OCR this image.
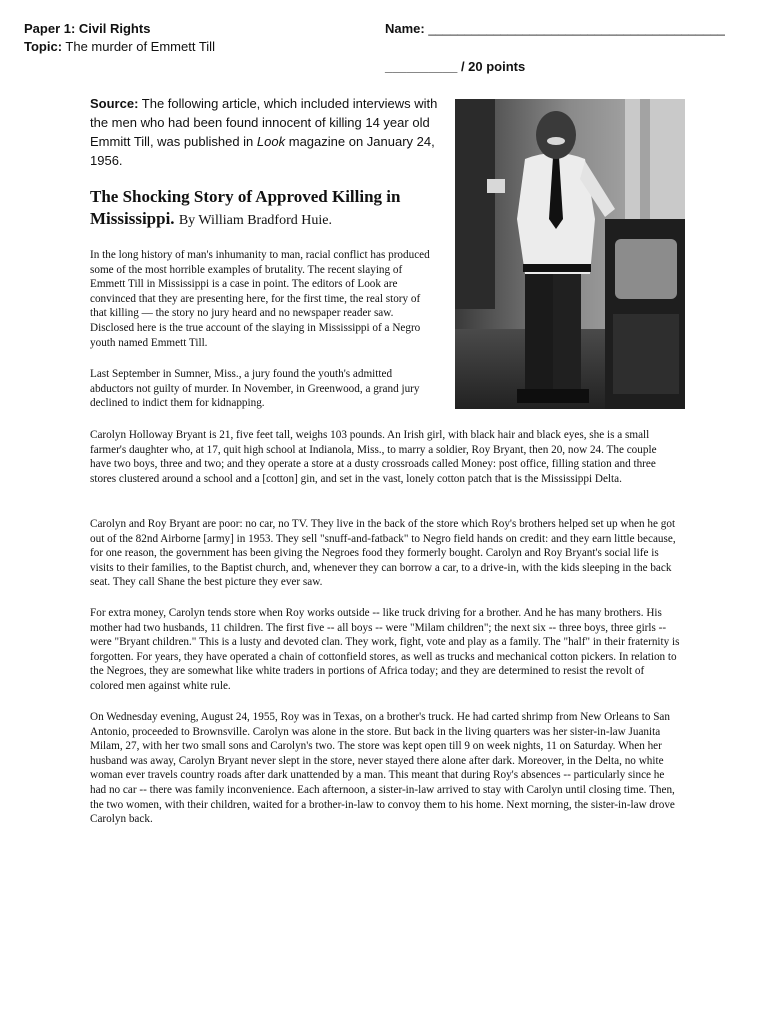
Paper 1: Civil Rights
Topic: The murder of Emmett Till
Name: _________________________________________
__________ / 20 points
Source: The following article, which included interviews with the men who had been found innocent of killing 14 year old Emmitt Till, was published in Look magazine on January 24, 1956.
The Shocking Story of Approved Killing in Mississippi. By William Bradford Huie.
In the long history of man's inhumanity to man, racial conflict has produced some of the most horrible examples of brutality. The recent slaying of Emmett Till in Mississippi is a case in point. The editors of Look are convinced that they are presenting here, for the first time, the real story of that killing — the story no jury heard and no newspaper reader saw. Disclosed here is the true account of the slaying in Mississippi of a Negro youth named Emmett Till.
Last September in Sumner, Miss., a jury found the youth's admitted abductors not guilty of murder. In November, in Greenwood, a grand jury declined to indict them for kidnapping.
Carolyn Holloway Bryant is 21, five feet tall, weighs 103 pounds. An Irish girl, with black hair and black eyes, she is a small farmer's daughter who, at 17, quit high school at Indianola, Miss., to marry a soldier, Roy Bryant, then 20, now 24. The couple have two boys, three and two; and they operate a store at a dusty crossroads called Money: post office, filling station and three stores clustered around a school and a [cotton] gin, and set in the vast, lonely cotton patch that is the Mississippi Delta.
Carolyn and Roy Bryant are poor: no car, no TV. They live in the back of the store which Roy's brothers helped set up when he got out of the 82nd Airborne [army] in 1953. They sell "snuff-and-fatback" to Negro field hands on credit: and they earn little because, for one reason, the government has been giving the Negroes food they formerly bought. Carolyn and Roy Bryant's social life is visits to their families, to the Baptist church, and, whenever they can borrow a car, to a drive-in, with the kids sleeping in the back seat. They call Shane the best picture they ever saw.
For extra money, Carolyn tends store when Roy works outside -- like truck driving for a brother. And he has many brothers. His mother had two husbands, 11 children. The first five -- all boys -- were "Milam children"; the next six -- three boys, three girls -- were "Bryant children." This is a lusty and devoted clan. They work, fight, vote and play as a family. The "half" in their fraternity is forgotten. For years, they have operated a chain of cottonfield stores, as well as trucks and mechanical cotton pickers. In relation to the Negroes, they are somewhat like white traders in portions of Africa today; and they are determined to resist the revolt of colored men against white rule.
On Wednesday evening, August 24, 1955, Roy was in Texas, on a brother's truck. He had carted shrimp from New Orleans to San Antonio, proceeded to Brownsville. Carolyn was alone in the store. But back in the living quarters was her sister-in-law Juanita Milam, 27, with her two small sons and Carolyn's two. The store was kept open till 9 on week nights, 11 on Saturday. When her husband was away, Carolyn Bryant never slept in the store, never stayed there alone after dark. Moreover, in the Delta, no white woman ever travels country roads after dark unattended by a man. This meant that during Roy's absences -- particularly since he had no car -- there was family inconvenience. Each afternoon, a sister-in-law arrived to stay with Carolyn until closing time. Then, the two women, with their children, waited for a brother-in-law to convoy them to his home. Next morning, the sister-in-law drove Carolyn back.
